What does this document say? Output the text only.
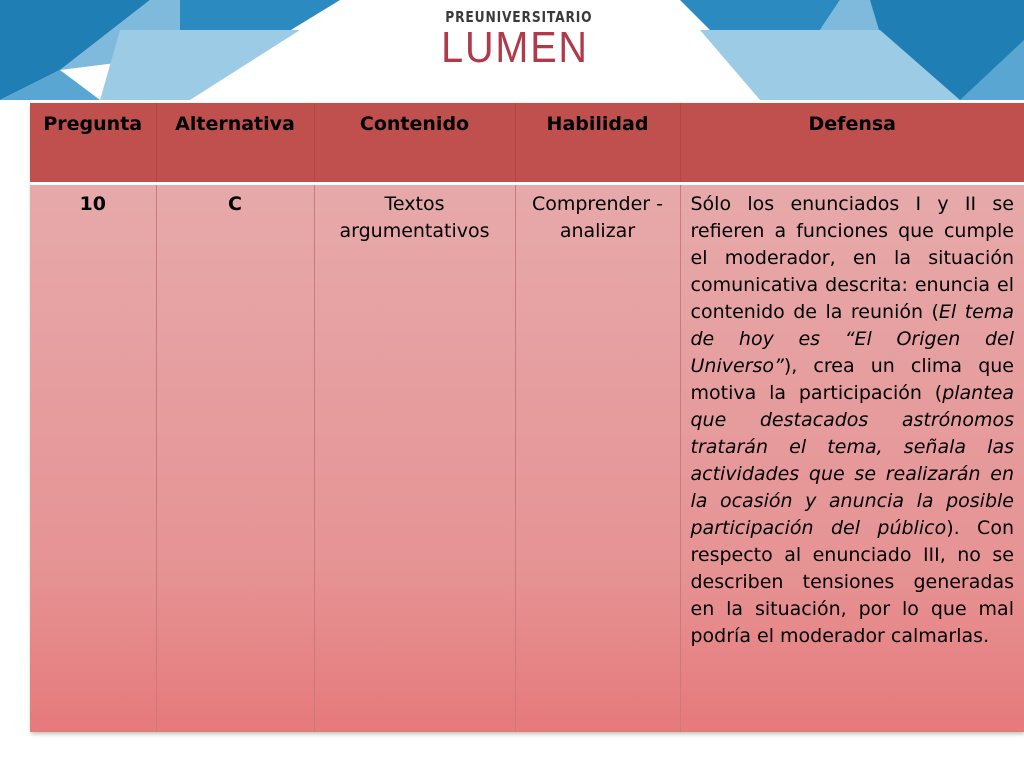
PREUNIVERSITARIO
LUMEN
Pregunta	Alternativa	Contenido	Habilidad	Defensa
10	C	Textos argumentativos	Comprender - analizar	Sólo los enunciados I y II se refieren a funciones que cumple el moderador, en la situación comunicativa descrita: enuncia el contenido de la reunión (El tema de hoy es “El Origen del Universo”), crea un clima que motiva la participación (plantea que destacados astrónomos tratarán el tema, señala las actividades que se realizarán en la ocasión y anuncia la posible participación del público). Con respecto al enunciado III, no se describen tensiones generadas en la situación, por lo que mal podría el moderador calmarlas.
